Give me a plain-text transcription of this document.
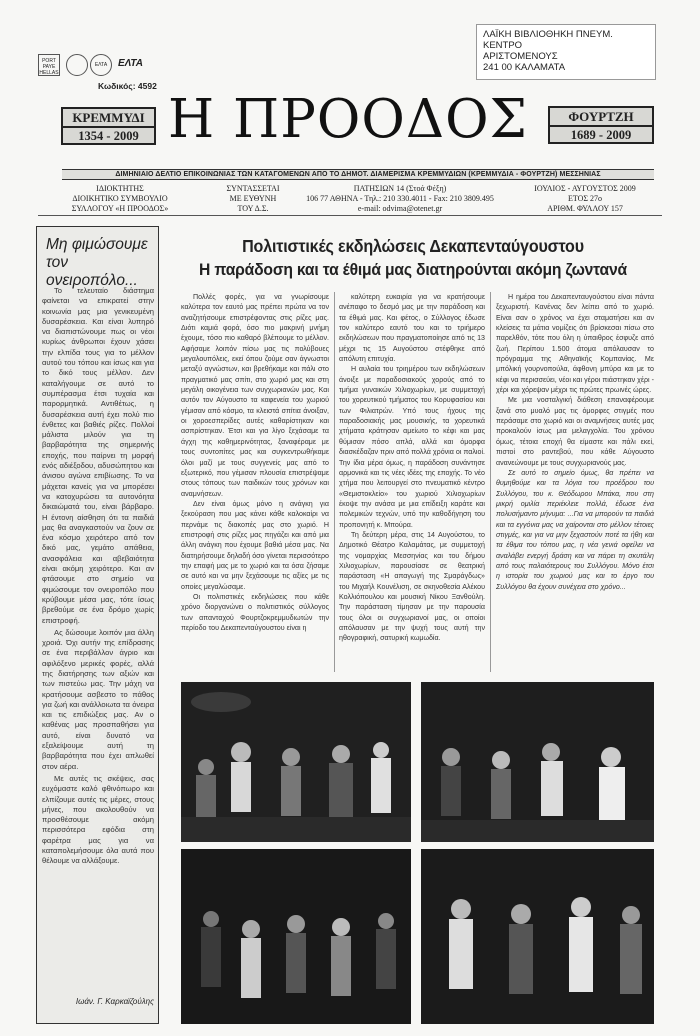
PORT PAYE HELLAS
ΕΛΤΑ	ΕΛΤΑ
Κωδικός: 4592
ΛΑΪΚΗ ΒΙΒΛΙΟΘΗΚΗ ΠΝΕΥΜ.
ΚΕΝΤΡΟ
ΑΡΙΣΤΟΜΕΝΟΥΣ
241 00 ΚΑΛΑΜΑΤΑ
ΚΡΕΜΜΥΔΙ
1354 - 2009 Η ΠΡΟΟΔΟΣ	ΦΟΥΡΤΖΗ
1689 - 2009
ΔΙΜΗΝΙΑΙΟ ΔΕΛΤΙΟ ΕΠΙΚΟΙΝΩΝΙΑΣ ΤΩΝ ΚΑΤΑΓΟΜΕΝΩΝ ΑΠΟ ΤΟ ΔΗΜΟΤ. ΔΙΑΜΕΡΙΣΜΑ ΚΡΕΜΜΥΔΙΩΝ (ΚΡΕΜΜΥΔΙΑ - ΦΟΥΡΤΖΗ) ΜΕΣΣΗΝΙΑΣ
ΙΔΙΟΚΤΗΤΗΣ
ΔΙΟΙΚΗΤΙΚΟ ΣΥΜΒΟΥΛΙΟ
ΣΥΛΛΟΓΟΥ «Η ΠΡΟΟΔΟΣ»
ΣΥΝΤΑΣΣΕΤΑΙ
ΜΕ ΕΥΘΥΝΗ
ΤΟΥ Δ.Σ.
ΠΑΤΗΣΙΩΝ 14 (Στοά Φέξη)
106 77 ΑΘΗΝΑ - Τηλ.: 210 330.4011 - Fax: 210 3809.495
e-mail: odvima@otenet.gr
ΙΟΥΛΙΟΣ - ΑΥΓΟΥΣΤΟΣ 2009
ΕΤΟΣ 27ο
ΑΡΙΘΜ. ΦΥΛΛΟΥ 157
Μη φιμώσουμε τον ονειροπόλο...

Το τελευταίο διάστημα φαίνεται να επικρατεί στην κοινωνία μας μια γενικευμένη δυσαρέσκεια. Και είναι λυπηρό να διαπιστώνουμε πως οι νέοι κυρίως άνθρωποι έχουν χάσει την ελπίδα τους για το μέλλον αυτού του τόπου και ίσως και για το δικό τους μέλλον. Δεν καταλήγουμε σε αυτό το συμπέρασμα έτσι τυχαία και παρορμητικά. Αντιθέτως, η δυσαρέσκεια αυτή έχει πολύ πιο ένθετες και βαθιές ρίζες. Πολλοί μάλιστα μιλούν για τη βαρβαρότητα της σημερινής εποχής, που παίρνει τη μορφή ενός αδιέξοδου, αδυσώπητου και άνισου αγώνα επιβίωσης. Το να μάχεται κανείς για να μπορέσει να κατοχυρώσει τα αυτονόητα δικαιώματά του, είναι βάρβαρο. Η έντονη αίσθηση ότι τα παιδιά μας θα αναγκαστούν να ζουν σε ένα κόσμο χειρότερο από τον δικό μας, γεμάτο απάθεια, ανασφάλεια και αβεβαιότητα είναι ακόμη χειρότερο. Και αν φτάσουμε στο σημείο να φιμώσουμε τον ονειροπόλο που κρύβουμε μέσα μας, τότε ίσως βρεθούμε σε ένα δρόμο χωρίς επιστροφή.

Ας δώσουμε λοιπόν μια άλλη χροιά. Όχι αυτήν της επίδρασης σε ένα περιβάλλον άγριο και αφιλόξενο μερικές φορές, αλλά της διατήρησης των αξιών και των πιστεύω μας. Την μάχη να κρατήσουμε ασβεστο το πάθος για ζωή και ανάλλοιωτα τα όνειρα και τις επιδιώξεις μας. Αν ο καθένας μας προσπαθήσει για αυτό, είναι δυνατό να εξαλείψουμε αυτή τη βαρβαρότητα που έχει απλωθεί στον αέρα.

Με αυτές τις σκέψεις, σας ευχόμαστε καλό φθινόπωρο και ελπίζουμε αυτές τις μέρες, στους μήνες, που ακολουθούν να προσθέσουμε ακόμη περισσότερα εφόδια στη φαρέτρα μας για να καταπολεμήσουμε όλα αυτά που θέλουμε να αλλάξουμε.

Ιωάν. Γ. Καρκαϊζούλης
Πολιτιστικές εκδηλώσεις Δεκαπενταύγουστου
Η παράδοση και τα έθιμά μας διατηρούνται ακόμη ζωντανά

Πολλές φορές, για να γνωρίσουμε καλύτερα τον εαυτό μας πρέπει πρώτα να τον αναζητήσουμε επιστρέφοντας στις ρίζες μας. Διότι καμιά φορά, όσο πιο μακρινή μνήμη έχουμε, τόσο πιο καθαρό βλέπουμε το μέλλον. Αφήσαμε λοιπόν πίσω μας τις πολύβουες μεγαλουπόλεις, εκεί όπου ζούμε σαν άγνωστοι μεταξύ αγνώστων, και βρεθήκαμε και πάλι στο πραγματικό μας σπίτι, στο χωριό μας και στη μεγάλη οικογένεια των συγχωριανών μας. Και αυτόν τον Αύγουστο τα καφενεία του χωριού γέμισαν από κόσμο, τα κλειστά σπίτια άνοιξαν, οι χοροεσπερίδες αυτές καθαρίστηκαν και ασπρίστηκαν. Έτσι και για λίγο ξεχάσαμε τα άγχη της καθημερινότητας, ξαναφέραμε με τους συντοπίτες μας και συγκεντρωθήκαμε όλοι μαζί με τους συγγενείς μας από το εξωτερικό, που γέμισαν πλουσία επιστρέψαμε στους τόπους των παιδικών τους χρόνων και αναμνήσεων.

Δεν είναι όμως μόνο η ανάγκη για ξεκούραση που μας κάνει κάθε καλοκαίρι να περνάμε τις διακοπές μας στο χωριό. Η επιστροφή στις ρίζες μας πηγάζει και από μια άλλη ανάγκη που έχουμε βαθιά μέσα μας. Να διατηρήσουμε δηλαδή όσο γίνεται περισσότερο την επαφή μας με το χωριό και τα όσα ζήσαμε σε αυτό και να μην ξεχάσουμε τις αξίες με τις οποίες μεγαλώσαμε.

Οι πολιτιστικές εκδηλώσεις που κάθε χρόνο διοργανώνει ο πολιτιστικός σύλλογος των απανταχού Φουρτζοκρεμμυδιωτών την περίοδο του Δεκαπενταύγουστου είναι η

καλύτερη ευκαιρία για να κρατήσουμε ανέπαφο το δεσμό μας με την παράδοση και τα έθιμά μας. Και φέτος, ο Σύλλογος έδωσε τον καλύτερο εαυτό του και το τριήμερο εκδηλώσεων που πραγματοποίησε από τις 13 μέχρι τις 15 Αυγούστου στέφθηκε από απόλυτη επιτυχία.

Η αυλαία του τριημέρου των εκδηλώσεων άνοιξε με παραδοσιακούς χορούς από το τμήμα γυναικών Χιλιοχωρίων, με συμμετοχή του χορευτικού τμήματος του Κορυφασίου και των Φιλιατρών. Υπό τους ήχους της παραδοσιακής μας μουσικής, τα χορευτικά χτήματα κράτησαν αμείωτο το κέφι και μας θύμισαν πόσο απλά, αλλά και όμορφα διασκέδαζαν πριν από πολλά χρόνια οι παλιοί. Την ίδια μέρα όμως, η παράδοση συνάντησε αρμονικά και τις νέες ιδέες της εποχής. Το νέο χτήμα που λειτουργεί στο πνευματικό κέντρο «Θεμιστοκλείο» του χωριού Χιλιοχωρίων έκοψε την ανάσα με μια επίδειξη καράτε και πολεμικών τεχνών, υπό την καθοδήγηση του προπονητή κ. Μπούρα.

Τη δεύτερη μέρα, στις 14 Αυγούστου, το Δημοτικό Θέατρο Καλαμάτας, με συμμετοχή της νομαρχίας Μεσσηνίας και του δήμου Χιλιοχωρίων, παρουσίασε σε θεατρική παράσταση «Η απαγωγή της Σμαράγδως» του Μιχαήλ Κουνέλιση, σε σκηνοθεσία Αλέκου Κολλιόπουλου και μουσική Νίκου Ξανθούλη. Την παράσταση τίμησαν με την παρουσία τους όλοι οι συγχωριανοί μας, οι οποίοι απόλαυσαν με την ψυχή τους αυτή την ηθογραφική, σατυρική κωμωδία.

Η ημέρα του Δεκαπενταυγούστου είναι πάντα ξεχωριστή. Κανένας δεν λείπει από το χωριό. Είναι σαν ο χρόνος να έχει σταματήσει και αν κλείσεις τα μάτια νομίζεις ότι βρίσκεσαι πίσω στο παρελθόν, τότε που όλη η ύπαιθρος έσφυζε από ζωή. Περίπου 1.500 άτομα απόλαυσαν το πρόγραμμα της Αθηναϊκής Κομπανίας. Με μπόλική γουρνοπούλα, άφθονη μπύρα και με το κέφι να περισσεύει, νέοι και γέροι πιάστηκαν χέρι - χέρι και χόρεψαν μέχρι τις πρώτες πρωινές ώρες.

Με μια νοσταλγική διάθεση επαναφέρουμε ξανά στο μυαλό μας τις όμορφες στιγμές που περάσαμε στο χωριό και οι αναμνήσεις αυτές μας προκαλούν ίσως μια μελαγχολία. Του χρόνου όμως, τέτοια εποχή θα είμαστε και πάλι εκεί, πιστοί στο ραντεβού, που κάθε Αύγουστο ανανεώνουμε με τους συγχωριανούς μας.

Σε αυτό το σημείο όμως, θα πρέπει να θυμηθούμε και τα λόγια του προέδρου του Συλλόγου, του κ. Θεόδωρου Μπάκα, που στη μικρή ομιλία περιέκλειε πολλά, έδωσε ένα πολυσήμαντο μήνυμα: ...Για να μπορούν τα παιδιά και τα εγγόνια μας να χαίρονται στο μέλλον τέτοιες στιγμές, και για να μην ξεχαστούν ποτέ τα ήθη και τα έθιμα του τόπου μας, η νέα γενιά οφείλει να αναλάβει ενεργή δράση και να πάρει τη σκυτάλη από τους παλαιότερους του Συλλόγου. Μόνο έτσι η ιστορία του χωριού μας και το έργο του Συλλόγου θα έχουν συνέχεια στο χρόνο...
